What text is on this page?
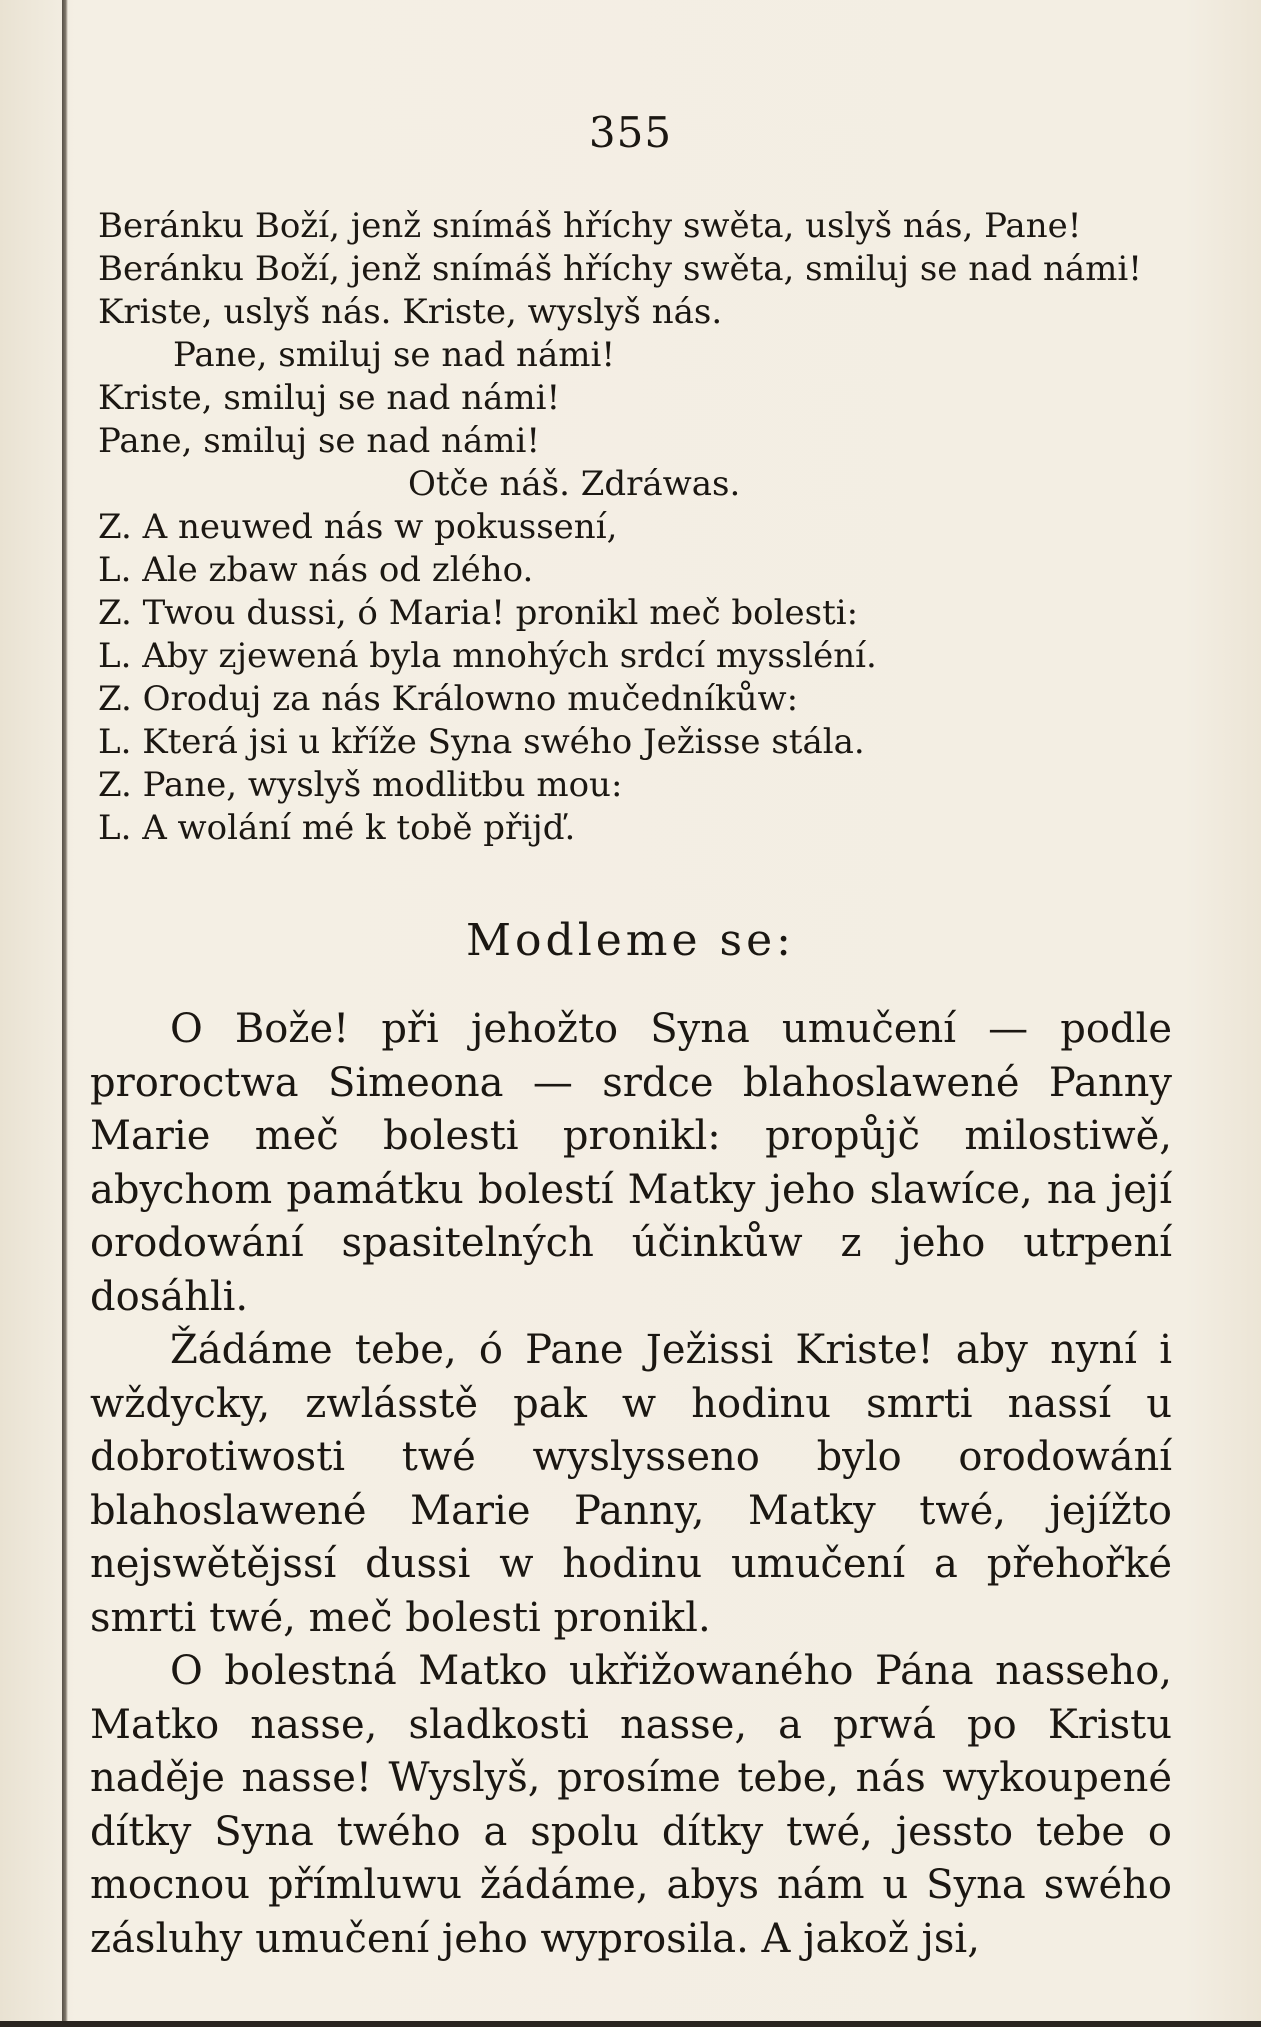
355
Beránku Boží, jenž snímáš hříchy swěta, uslyš nás, Pane!
Beránku Boží, jenž snímáš hříchy swěta, smiluj se nad námi!
Kriste, uslyš nás. Kriste, wyslyš nás.
Pane, smiluj se nad námi!
Kriste, smiluj se nad námi!
Pane, smiluj se nad námi!
Otče náš. Zdráwas.
Z. A neuwed nás w pokussení,
L. Ale zbaw nás od zlého.
Z. Twou dussi, ó Maria! pronikl meč bolesti:
L. Aby zjewená byla mnohých srdcí myssléní.
Z. Oroduj za nás Králowno mučedníkůw:
L. Která jsi u kříže Syna swého Ježisse stála.
Z. Pane, wyslyš modlitbu mou:
L. A wolání mé k tobě přijď.
Modleme se:

O Bože! při jehožto Syna umučení — podle proroctwa Simeona — srdce blahoslawené Panny Marie meč bolesti pronikl: propůjč milostiwě, abychom památku bolestí Matky jeho slawíce, na její orodowání spasitelných účinkůw z jeho utrpení dosáhli.

Žádáme tebe, ó Pane Ježissi Kriste! aby nyní i wždycky, zwlásstě pak w hodinu smrti nassí u dobrotiwosti twé wyslyssenо bylo orodowání blahoslawené Marie Panny, Matky twé, jejížto nejswětějssí dussi w hodinu umučení a přehořké smrti twé, meč bolesti pronikl.

O bolestná Matko ukřižowaného Pána nasseho, Matko nasse, sladkosti nasse, a prwá po Kristu naděje nasse! Wyslyš, prosíme tebe, nás wykoupené dítky Syna twého a spolu dítky twé, jessto tebe o mocnou přímluwu žádáme, abys nám u Syna swého zásluhy umučení jeho wyprosila. A jakož jsi,
